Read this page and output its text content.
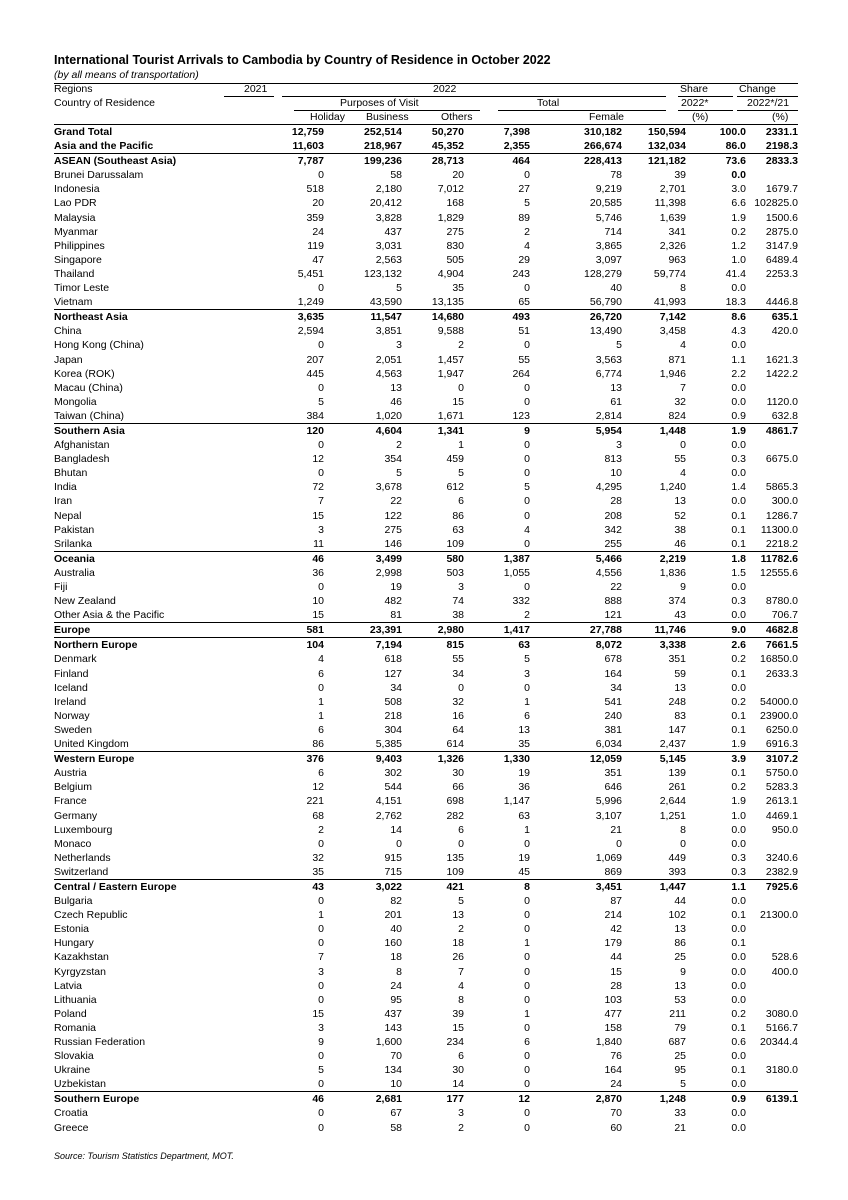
International Tourist Arrivals to Cambodia by Country of Residence in October 2022
(by all means of transportation)
Regions	2021	2022	Share	Change
Country of Residence	Purposes of Visit	Total	2022*	2022*/21
Holiday Business	Others	Female	(%)	(%)
Grand Total	12,759	252,514	50,270	7,398	310,182 150,594	100.0 2331.1
Asia and the Pacific	11,603	218,967	45,352	2,355	266,674 132,034	86.0 2198.3
ASEAN (Southeast Asia)	7,787	199,236	28,713	464	228,413 121,182	73.6 2833.3
Brunei Darussalam	0	58	20	0	78	39	0.0
Indonesia	518	2,180	7,012	27	9,219	2,701	3.0 1679.7
Lao PDR	20	20,412	168	5	20,585	11,398	6.6 102825.0
Malaysia	359	3,828	1,829	89	5,746	1,639	1.9 1500.6
Myanmar	24	437	275	2	714	341	0.2 2875.0
Philippines	119	3,031	830	4	3,865	2,326	1.2 3147.9
Singapore	47	2,563	505	29	3,097	963	1.0 6489.4
Thailand	5,451	123,132	4,904	243	128,279	59,774	41.4 2253.3
Timor Leste	0	5	35	0	40	8	0.0
Vietnam	1,249	43,590	13,135	65	56,790	41,993	18.3 4446.8
Northeast Asia	3,635	11,547	14,680	493	26,720	7,142	8.6 635.1
China	2,594	3,851	9,588	51	13,490	3,458	4.3 420.0
Hong Kong (China)	0	3	2	0	5	4	0.0
Japan	207	2,051	1,457	55	3,563	871	1.1 1621.3
Korea (ROK)	445	4,563	1,947	264	6,774	1,946	2.2 1422.2
Macau (China)	0	13	0	0	13	7	0.0
Mongolia	5	46	15	0	61	32	0.0 1120.0
Taiwan (China)	384	1,020	1,671	123	2,814	824	0.9 632.8
Southern Asia	120	4,604	1,341	9	5,954	1,448	1.9 4861.7
Afghanistan	0	2	1	0	3	0	0.0
Bangladesh	12	354	459	0	813	55	0.3 6675.0
Bhutan	0	5	5	0	10	4	0.0
India	72	3,678	612	5	4,295	1,240	1.4 5865.3
Iran	7	22	6	0	28	13	0.0 300.0
Nepal	15	122	86	0	208	52	0.1 1286.7
Pakistan	3	275	63	4	342	38	0.1 11300.0
Srilanka	11	146	109	0	255	46	0.1 2218.2
Oceania	46	3,499	580	1,387	5,466	2,219	1.8 11782.6
Australia	36	2,998	503	1,055	4,556	1,836	1.5 12555.6
Fiji	0	19	3	0	22	9	0.0
New Zealand	10	482	74	332	888	374	0.3 8780.0
Other Asia & the Pacific	15	81	38	2	121	43	0.0 706.7
Europe	581	23,391	2,980	1,417	27,788	11,746	9.0 4682.8
Northern Europe	104	7,194	815	63	8,072	3,338	2.6 7661.5
Denmark	4	618	55	5	678	351	0.2 16850.0
Finland	6	127	34	3	164	59	0.1 2633.3
Iceland	0	34	0	0	34	13	0.0
Ireland	1	508	32	1	541	248	0.2 54000.0
Norway	1	218	16	6	240	83	0.1 23900.0
Sweden	6	304	64	13	381	147	0.1 6250.0
United Kingdom	86	5,385	614	35	6,034	2,437	1.9 6916.3
Western Europe	376	9,403	1,326	1,330	12,059	5,145	3.9 3107.2
Austria	6	302	30	19	351	139	0.1 5750.0
Belgium	12	544	66	36	646	261	0.2 5283.3
France	221	4,151	698	1,147	5,996	2,644	1.9 2613.1
Germany	68	2,762	282	63	3,107	1,251	1.0 4469.1
Luxembourg	2	14	6	1	21	8	0.0 950.0
Monaco	0	0	0	0	0	0	0.0
Netherlands	32	915	135	19	1,069	449	0.3 3240.6
Switzerland	35	715	109	45	869	393	0.3 2382.9
Central / Eastern Europe	43	3,022	421	8	3,451	1,447	1.1 7925.6
Bulgaria	0	82	5	0	87	44	0.0
Czech Republic	1	201	13	0	214	102	0.1 21300.0
Estonia	0	40	2	0	42	13	0.0
Hungary	0	160	18	1	179	86	0.1
Kazakhstan	7	18	26	0	44	25	0.0 528.6
Kyrgyzstan	3	8	7	0	15	9	0.0 400.0
Latvia	0	24	4	0	28	13	0.0
Lithuania	0	95	8	0	103	53	0.0
Poland	15	437	39	1	477	211	0.2 3080.0
Romania	3	143	15	0	158	79	0.1 5166.7
Russian Federation	9	1,600	234	6	1,840	687	0.6 20344.4
Slovakia	0	70	6	0	76	25	0.0
Ukraine	5	134	30	0	164	95	0.1 3180.0
Uzbekistan	0	10	14	0	24	5	0.0
Southern Europe	46	2,681	177	12	2,870	1,248	0.9 6139.1
Croatia	0	67	3	0	70	33	0.0
Greece	0	58	2	0	60	21	0.0
Source: Tourism Statistics Department, MOT.
